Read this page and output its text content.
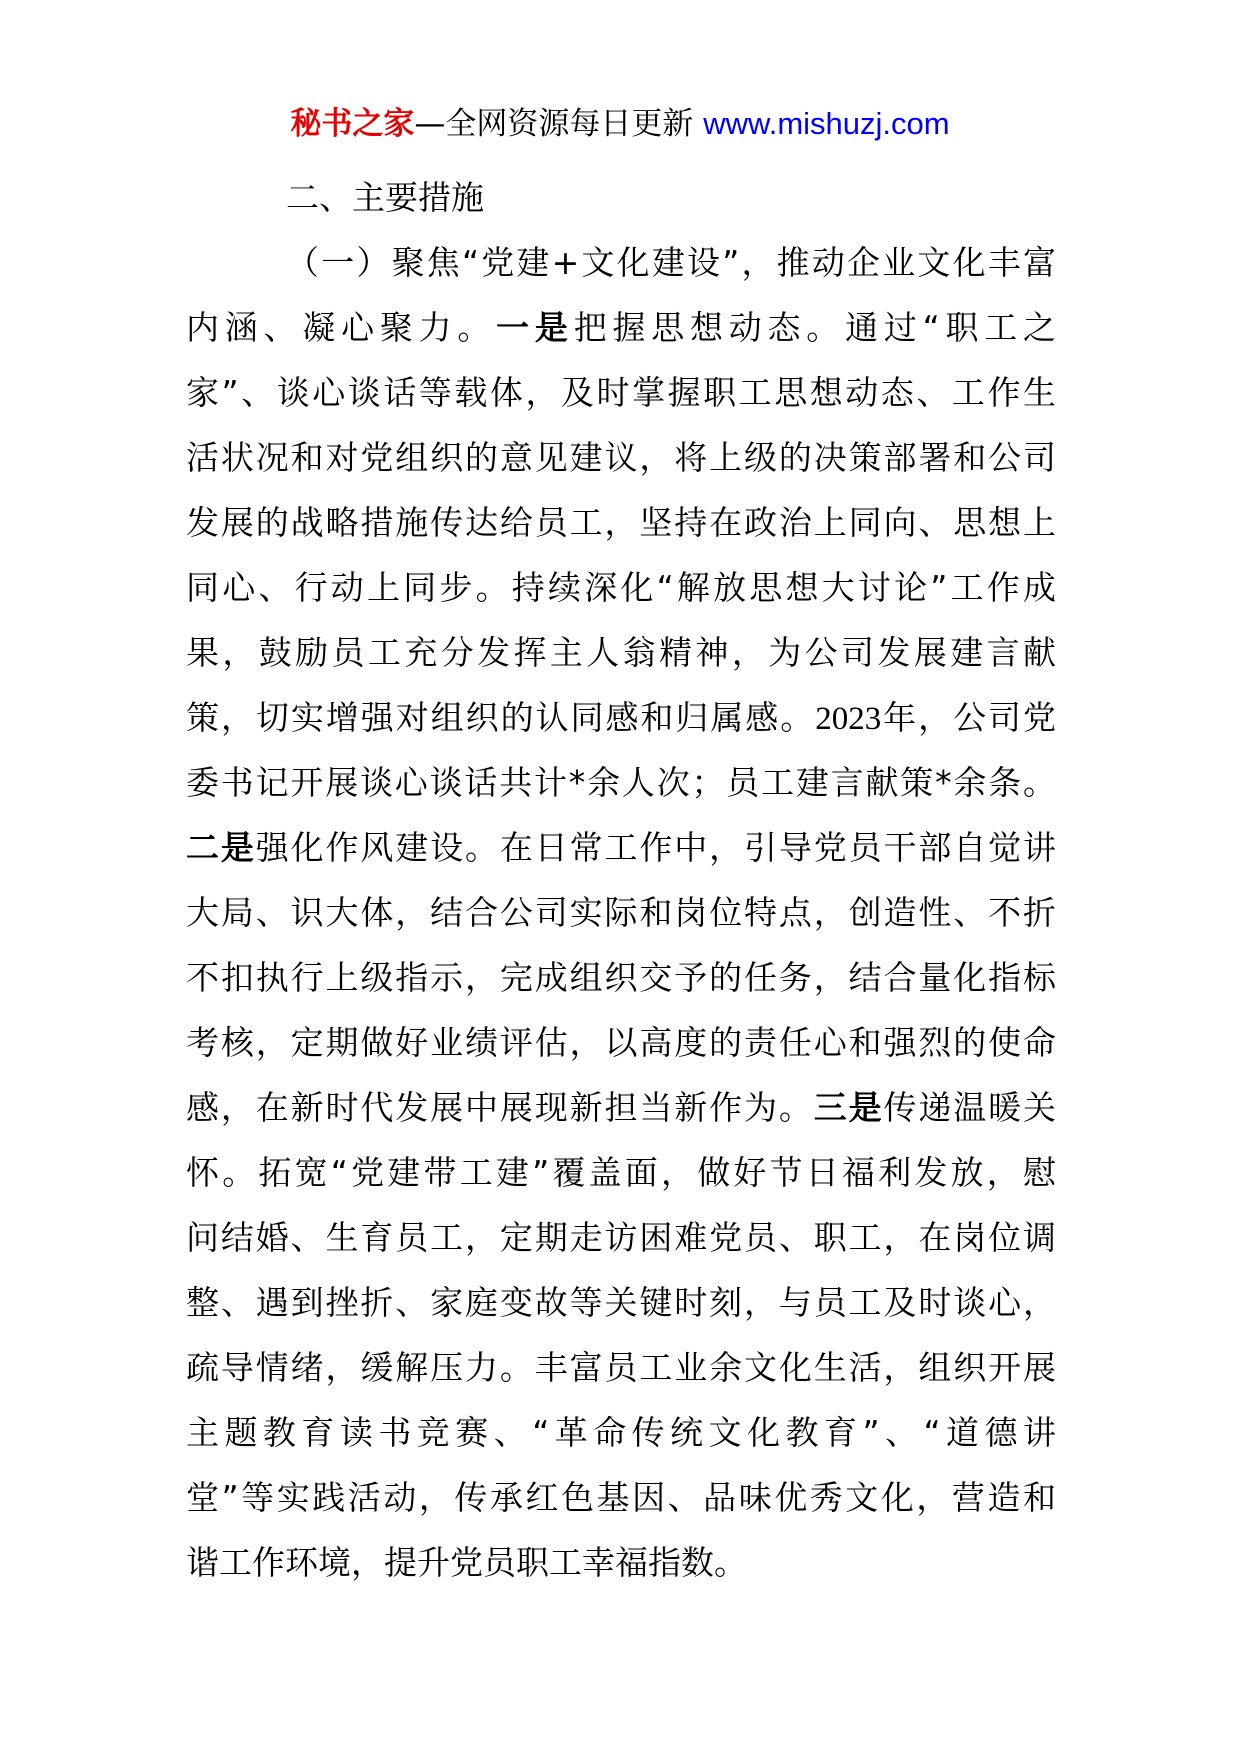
秘书之家—全网资源每日更新 www.mishuzj.com
二、主要措施
（一）聚焦“党建+文化建设”，推动企业文化丰富
内涵、凝心聚力。一是把握思想动态。通过“职工之
家”、谈心谈话等载体，及时掌握职工思想动态、工作生
活状况和对党组织的意见建议，将上级的决策部署和公司
发展的战略措施传达给员工，坚持在政治上同向、思想上
同心、行动上同步。持续深化“解放思想大讨论”工作成
果，鼓励员工充分发挥主人翁精神，为公司发展建言献
策，切实增强对组织的认同感和归属感。2023年，公司党
委书记开展谈心谈话共计*余人次；员工建言献策*余条。
二是强化作风建设。在日常工作中，引导党员干部自觉讲
大局、识大体，结合公司实际和岗位特点，创造性、不折
不扣执行上级指示，完成组织交予的任务，结合量化指标
考核，定期做好业绩评估，以高度的责任心和强烈的使命
感，在新时代发展中展现新担当新作为。三是传递温暖关
怀。拓宽“党建带工建”覆盖面，做好节日福利发放，慰
问结婚、生育员工，定期走访困难党员、职工，在岗位调
整、遇到挫折、家庭变故等关键时刻，与员工及时谈心，
疏导情绪，缓解压力。丰富员工业余文化生活，组织开展
主题教育读书竞赛、“革命传统文化教育”、“道德讲
堂”等实践活动，传承红色基因、品味优秀文化，营造和
谐工作环境，提升党员职工幸福指数。
